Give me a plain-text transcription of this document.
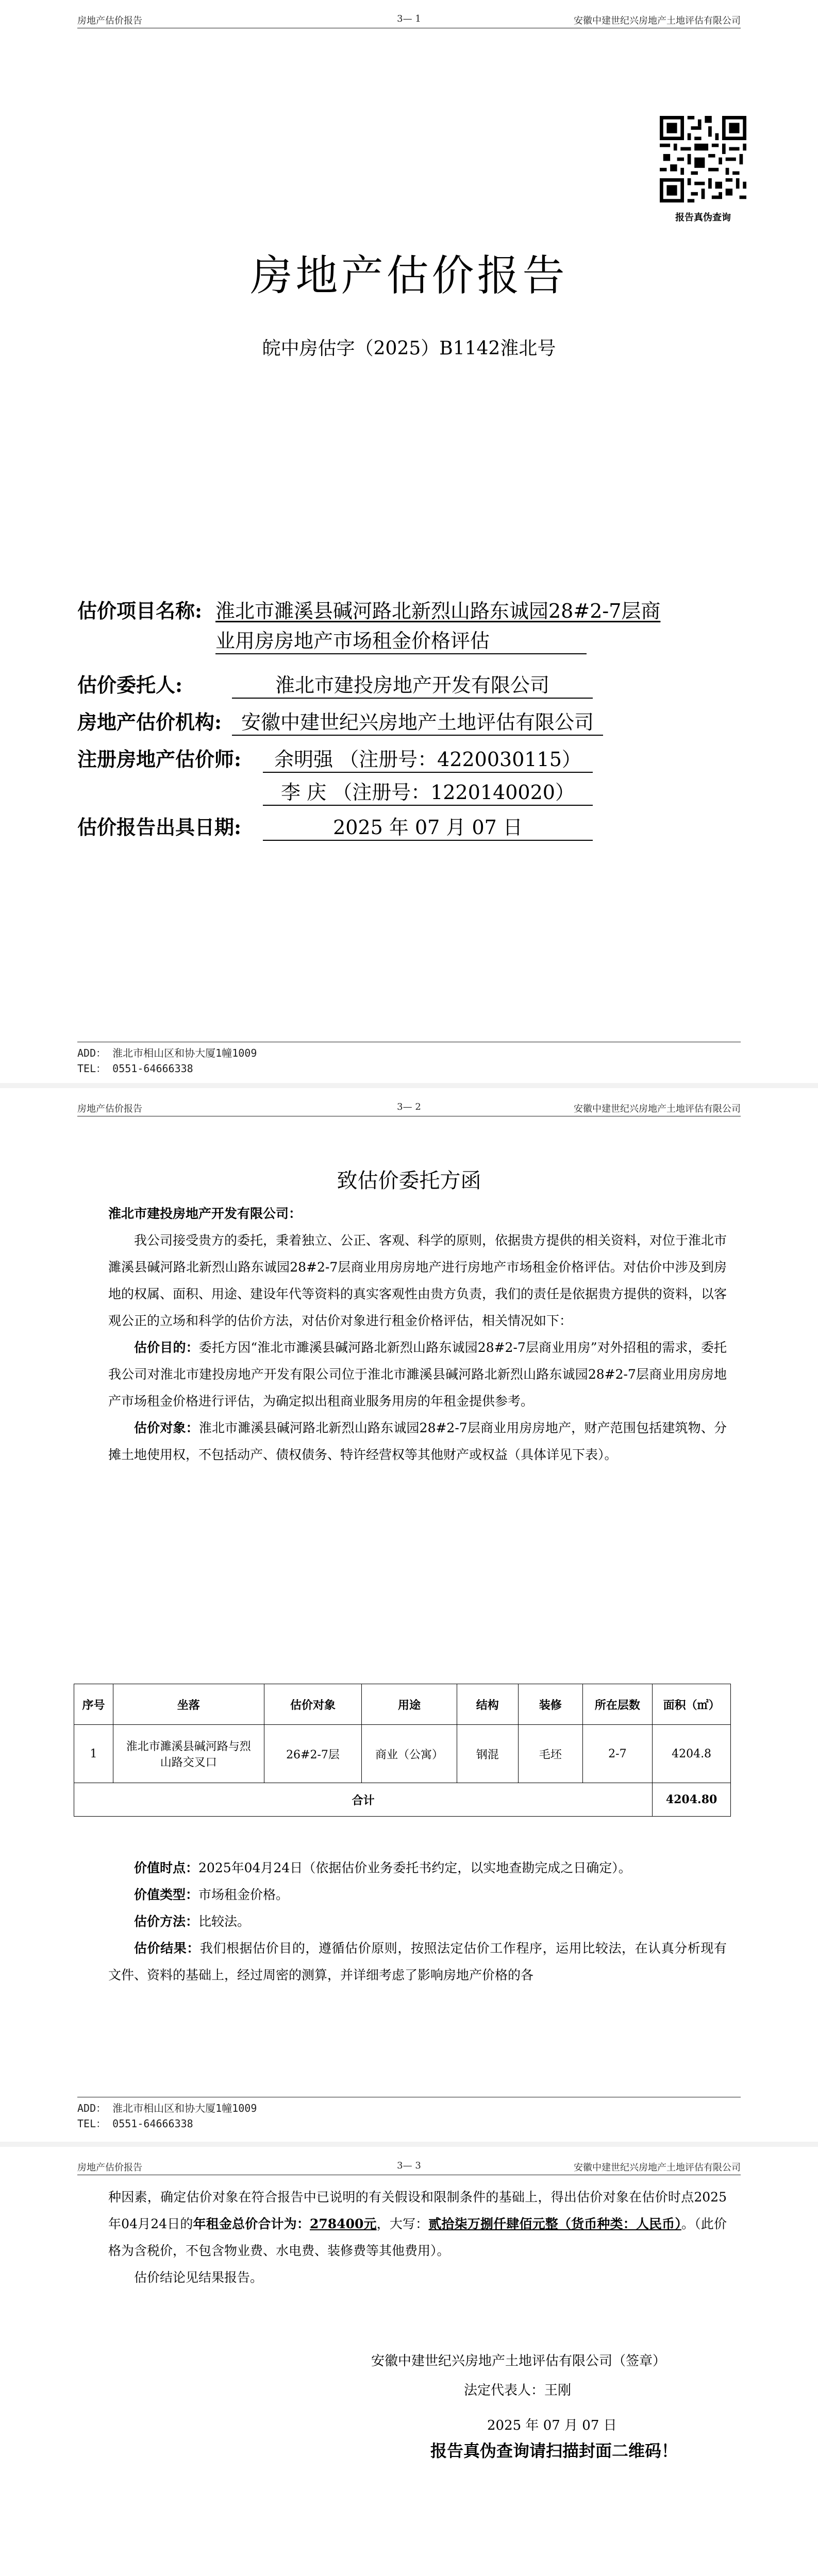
房地产估价报告	3— 1	安徽中建世纪兴房地产土地评估有限公司
报告真伪查询
房地产估价报告
皖中房估字（2025）B1142淮北号
估价项目名称: 淮北市濉溪县碱河路北新烈山路东诚园28#2-7层商
业用房房地产市场租金价格评估
估价委托人:	淮北市建投房地产开发有限公司
房地产估价机构: 安徽中建世纪兴房地产土地评估有限公司
注册房地产估价师:	余明强 （注册号：4220030115）
李 庆 （注册号：1220140020）
估价报告出具日期:	2025 年 07 月 07 日
ADD： 淮北市相山区和协大厦1幢1009
TEL： 0551-64666338
房地产估价报告	3— 2	安徽中建世纪兴房地产土地评估有限公司
致估价委托方函
淮北市建投房地产开发有限公司：
我公司接受贵方的委托，秉着独立、公正、客观、科学的原则，依据贵方提供的相关资料，对位于淮北市濉溪县碱河路北新烈山路东诚园28#2-7层商业用房房地产进行房地产市场租金价格评估。对估价中涉及到房地的权属、面积、用途、建设年代等资料的真实客观性由贵方负责，我们的责任是依据贵方提供的资料，以客观公正的立场和科学的估价方法，对估价对象进行租金价格评估，相关情况如下：
估价目的：委托方因“淮北市濉溪县碱河路北新烈山路东诚园28#2-7层商业用房”对外招租的需求，委托我公司对淮北市建投房地产开发有限公司位于淮北市濉溪县碱河路北新烈山路东诚园28#2-7层商业用房房地产市场租金价格进行评估，为确定拟出租商业服务用房的年租金提供参考。
估价对象：淮北市濉溪县碱河路北新烈山路东诚园28#2-7层商业用房房地产，财产范围包括建筑物、分摊土地使用权，不包括动产、债权债务、特许经营权等其他财产或权益（具体详见下表）。
序号	坐落	估价对象	用途	结构	装修	所在层数	面积（㎡）
1	淮北市濉溪县碱河路与烈山路交叉口	26#2-7层	商业（公寓）	钢混	毛坯	2-7	4204.8
合计							4204.80
价值时点：2025年04月24日（依据估价业务委托书约定，以实地查勘完成之日确定）。
价值类型：市场租金价格。
估价方法：比较法。
估价结果：我们根据估价目的，遵循估价原则，按照法定估价工作程序，运用比较法，在认真分析现有文件、资料的基础上，经过周密的测算，并详细考虑了影响房地产价格的各
ADD： 淮北市相山区和协大厦1幢1009
TEL： 0551-64666338
房地产估价报告	3— 3	安徽中建世纪兴房地产土地评估有限公司
种因素，确定估价对象在符合报告中已说明的有关假设和限制条件的基础上，得出估价对象在估价时点2025年04月24日的年租金总价合计为：278400元，大写：贰拾柒万捌仟肆佰元整（货币种类：人民币）。（此价格为含税价，不包含物业费、水电费、装修费等其他费用）。
估价结论见结果报告。
安徽中建世纪兴房地产土地评估有限公司（签章）
法定代表人：王刚
2025 年 07 月 07 日
报告真伪查询请扫描封面二维码！
